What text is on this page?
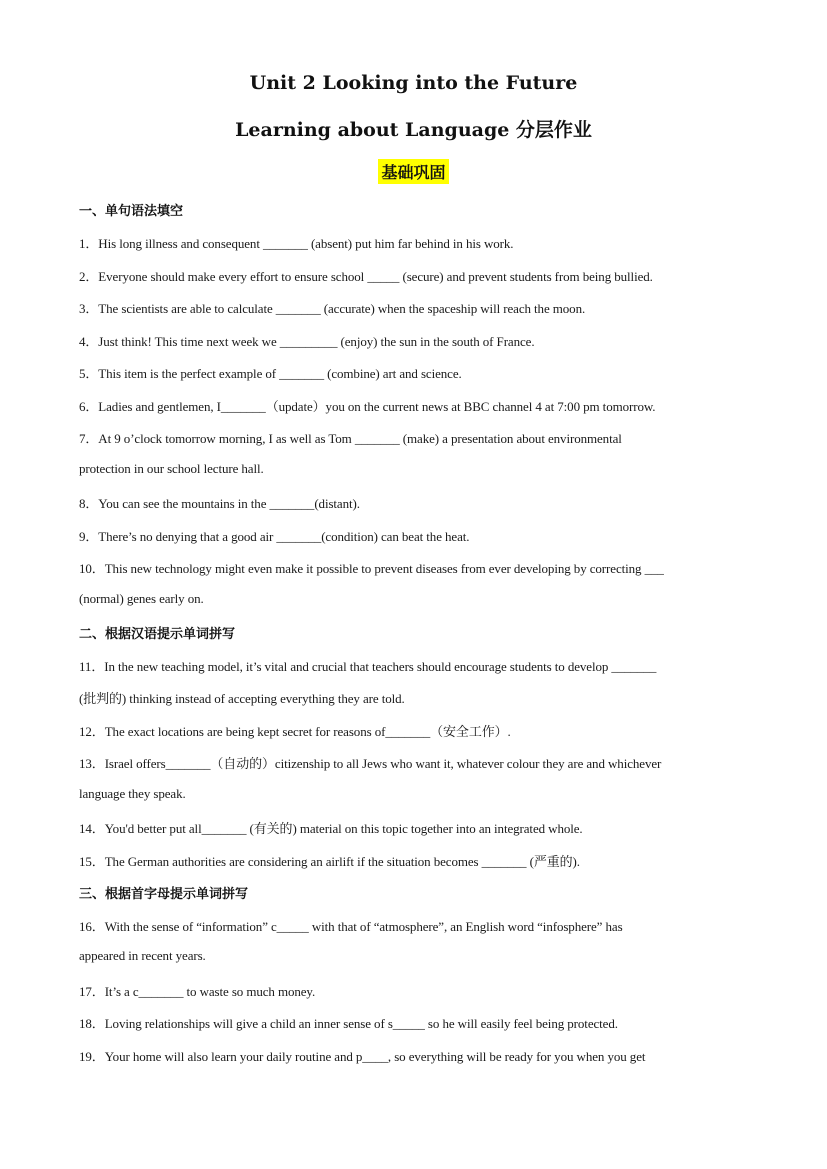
Unit 2 Looking into the Future
Learning about Language 分层作业
基础巩固
一、单句语法填空
1．His long illness and consequent _______ (absent) put him far behind in his work.
2．Everyone should make every effort to ensure school _____ (secure) and prevent students from being bullied.
3．The scientists are able to calculate _______ (accurate) when the spaceship will reach the moon.
4．Just think! This time next week we _________ (enjoy) the sun in the south of France.
5．This item is the perfect example of _______ (combine) art and science.
6．Ladies and gentlemen, I_______（update）you on the current news at BBC channel 4 at 7:00 pm tomorrow.
7．At 9 o’clock tomorrow morning, I as well as Tom _______ (make) a presentation about environmental
protection in our school lecture hall.
8．You can see the mountains in the _______(distant).
9．There’s no denying that a good air _______(condition) can beat the heat.
10．This new technology might even make it possible to prevent diseases from ever developing by correcting ___
(normal) genes early on.
二、根据汉语提示单词拼写
11．In the new teaching model, it’s vital and crucial that teachers should encourage students to develop _______
(批判的) thinking instead of accepting everything they are told.
12．The exact locations are being kept secret for reasons of_______（安全工作）.
13．Israel offers_______（自动的）citizenship to all Jews who want it, whatever colour they are and whichever
language they speak.
14．You'd better put all_______ (有关的) material on this topic together into an integrated whole.
15．The German authorities are considering an airlift if the situation becomes _______ (严重的).
三、根据首字母提示单词拼写
16．With the sense of “information” c_____ with that of “atmosphere”, an English word “infosphere” has
appeared in recent years.
17．It’s a c_______ to waste so much money.
18．Loving relationships will give a child an inner sense of s_____ so he will easily feel being protected.
19．Your home will also learn your daily routine and p____, so everything will be ready for you when you get
